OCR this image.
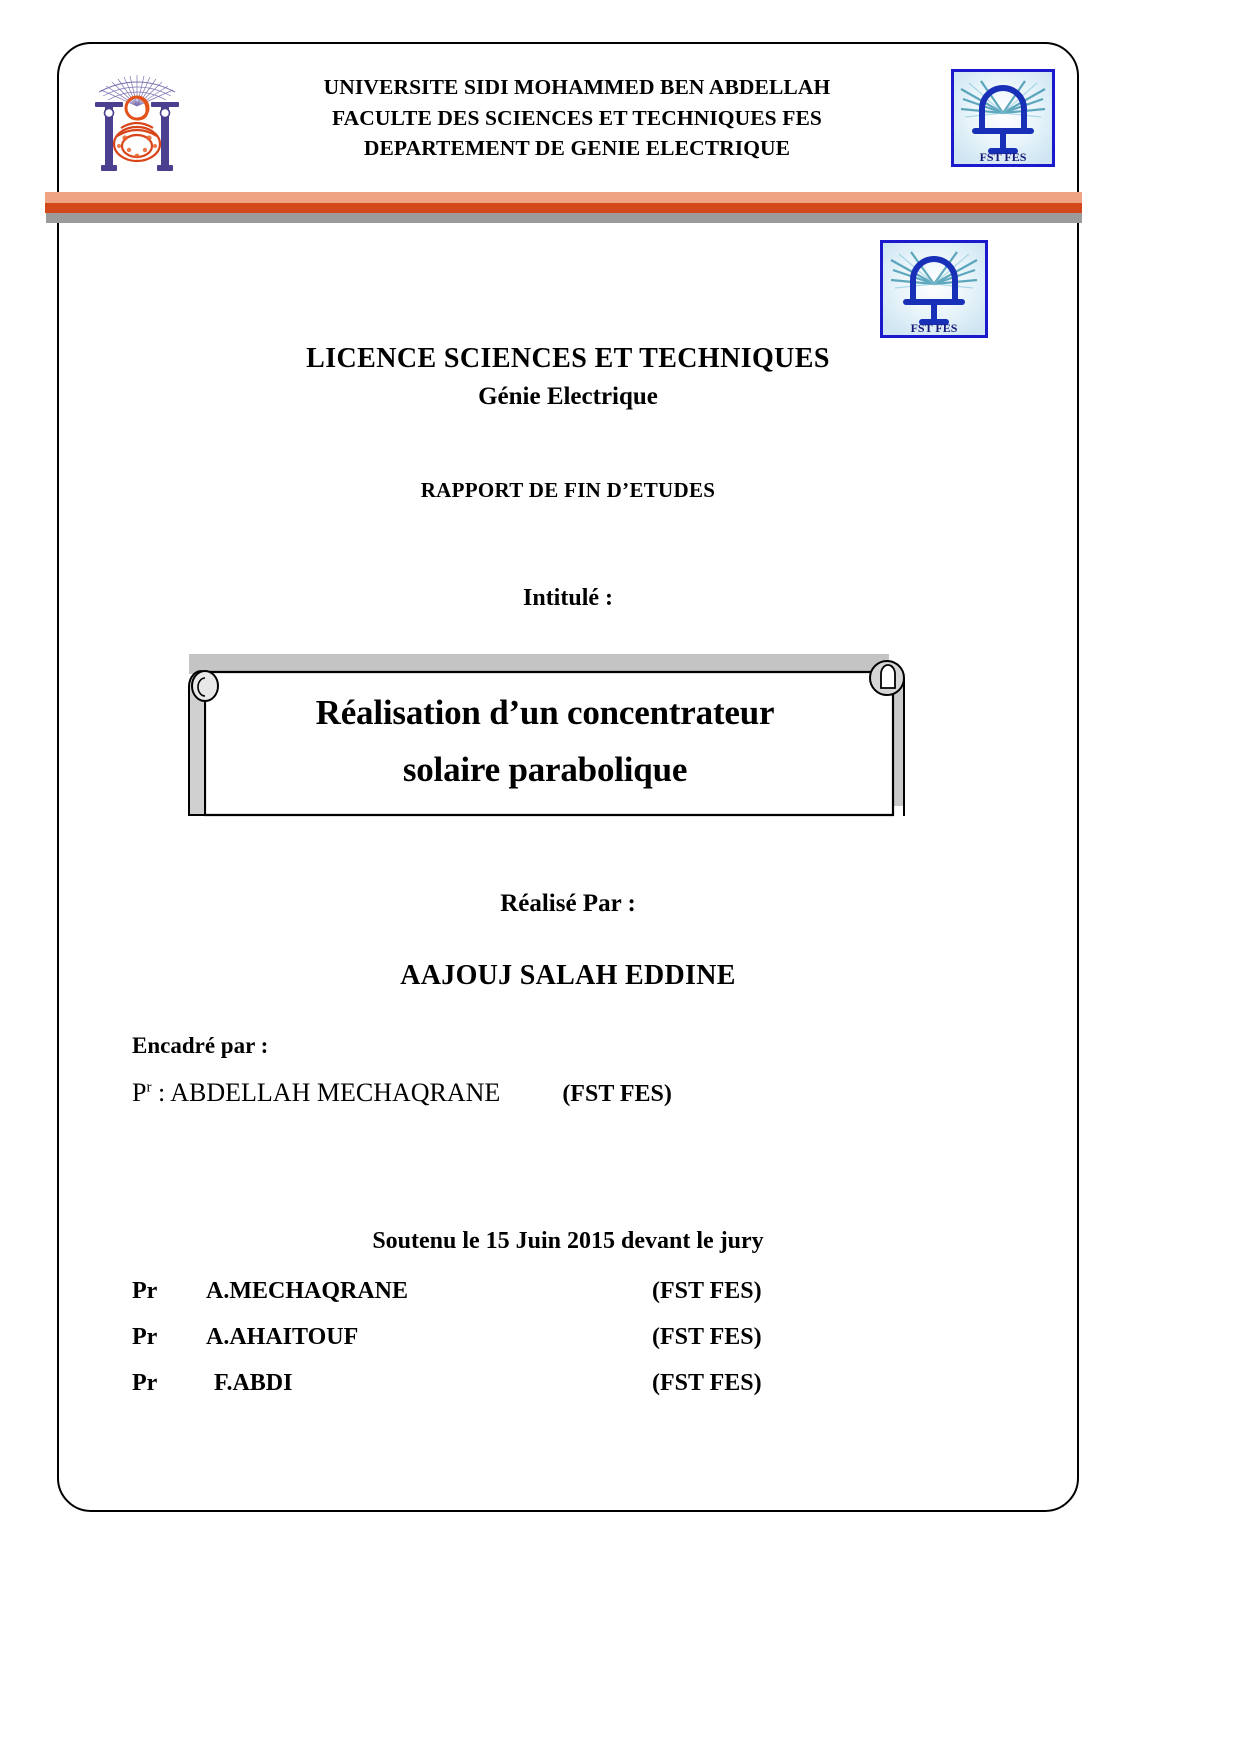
UNIVERSITE SIDI MOHAMMED BEN ABDELLAH
FACULTE DES SCIENCES ET TECHNIQUES FES
DEPARTEMENT DE GENIE ELECTRIQUE	FST FES
FST FES
LICENCE SCIENCES ET TECHNIQUES
Génie Electrique
RAPPORT DE FIN D’ETUDES
Intitulé :
Réalisation d’un concentrateur
solaire parabolique
Réalisé Par :
AAJOUJ SALAH EDDINE
Encadré par :
$P^r$ : ABDELLAH MECHAQRANE	(FST FES)
Soutenu le 15 Juin 2015 devant le jury
Pr	A.MECHAQRANE	(FST FES)
Pr	A.AHAITOUF	(FST FES)
Pr	F.ABDI	(FST FES)
